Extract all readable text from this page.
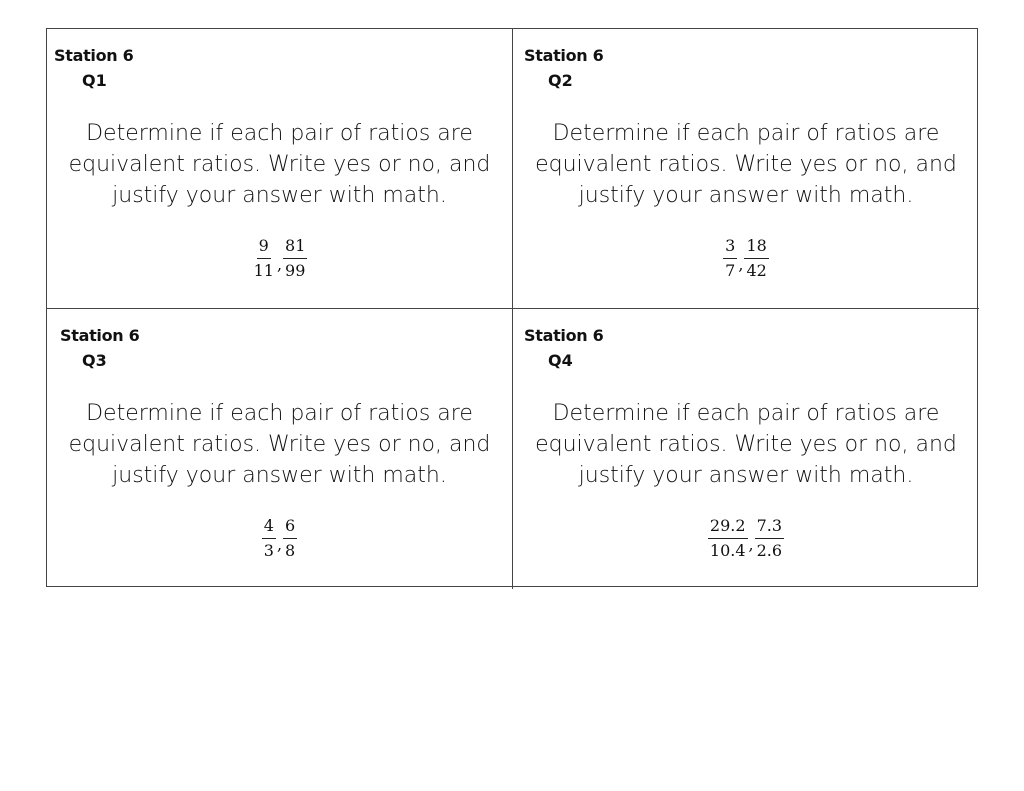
Station 6
Q1
Determine if each pair of ratios are equivalent ratios. Write yes or no, and justify your answer with math.
$\frac{9}{11}$ , $\frac{81}{99}$
Station 6
Q2
Determine if each pair of ratios are equivalent ratios. Write yes or no, and justify your answer with math.
$\frac{3}{7}$ , $\frac{18}{42}$
Station 6
Q3
Determine if each pair of ratios are equivalent ratios. Write yes or no, and justify your answer with math.
$\frac{4}{3}$ , $\frac{6}{8}$
Station 6
Q4
Determine if each pair of ratios are equivalent ratios. Write yes or no, and justify your answer with math.
$\frac{29.2}{10.4}$ , $\frac{7.3}{2.6}$
